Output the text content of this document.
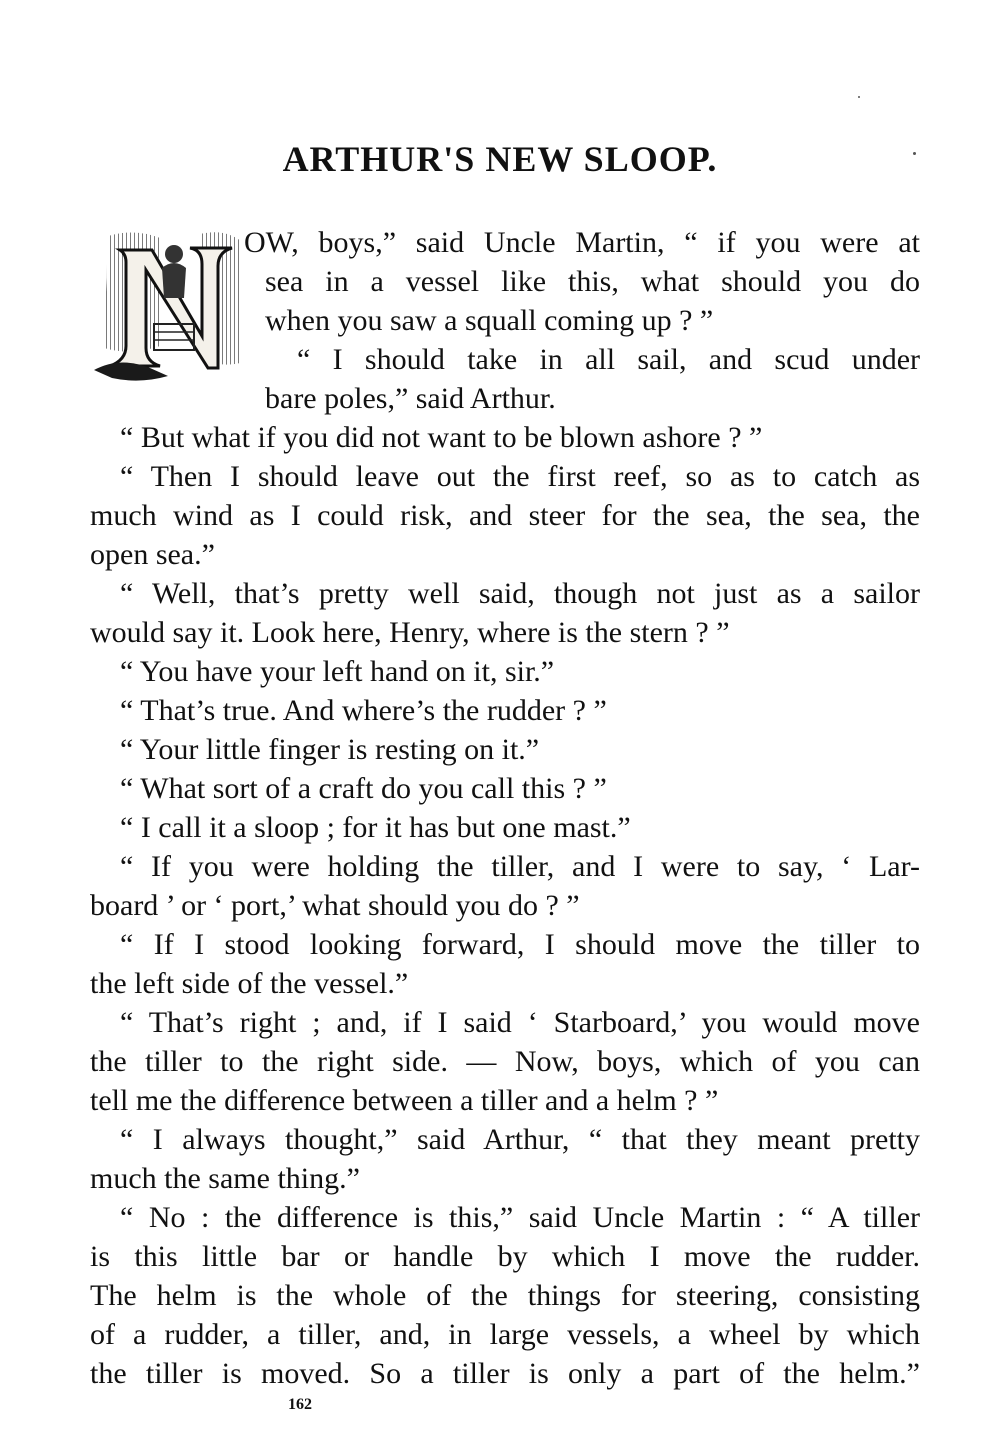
ARTHUR'S NEW SLOOP.

OW, boys,” said Uncle Martin, “ if you were at

sea in a vessel like this, what should you do

when you saw a squall coming up ? ”

“ I should take in all sail, and scud under

bare poles,” said Arthur.

“ But what if you did not want to be blown ashore ? ”

“ Then I should leave out the first reef, so as to catch as

much wind as I could risk, and steer for the sea, the sea, the

open sea.”

“ Well, that’s pretty well said, though not just as a sailor

would say it. Look here, Henry, where is the stern ? ”

“ You have your left hand on it, sir.”

“ That’s true. And where’s the rudder ? ”

“ Your little finger is resting on it.”

“ What sort of a craft do you call this ? ”

“ I call it a sloop ; for it has but one mast.”

“ If you were holding the tiller, and I were to say, ‘ Lar-

board ’ or ‘ port,’ what should you do ? ”

“ If I stood looking forward, I should move the tiller to

the left side of the vessel.”

“ That’s right ; and, if I said ‘ Starboard,’ you would move

the tiller to the right side. — Now, boys, which of you can

tell me the difference between a tiller and a helm ? ”

“ I always thought,” said Arthur, “ that they meant pretty

much the same thing.”

“ No : the difference is this,” said Uncle Martin : “ A tiller

is this little bar or handle by which I move the rudder.

The helm is the whole of the things for steering, consisting

of a rudder, a tiller, and, in large vessels, a wheel by which

the tiller is moved. So a tiller is only a part of the helm.”

162
